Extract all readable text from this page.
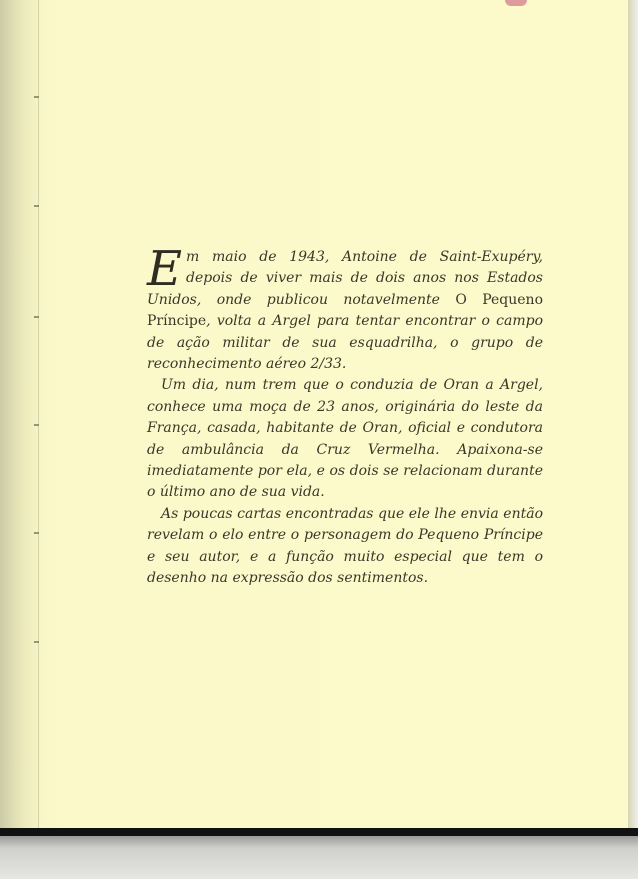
Em maio de 1943, Antoine de Saint-Exupéry, depois de viver mais de dois anos nos Estados Unidos, onde publicou notavelmente O Pequeno Príncipe, volta a Argel para tentar encontrar o campo de ação militar de sua esquadrilha, o grupo de reconhecimento aéreo 2/33.

Um dia, num trem que o conduzia de Oran a Argel, conhece uma moça de 23 anos, originária do leste da França, casada, habitante de Oran, oficial e condutora de ambulância da Cruz Vermelha. Apaixona-se imediatamente por ela, e os dois se relacionam durante o último ano de sua vida.

As poucas cartas encontradas que ele lhe envia então revelam o elo entre o personagem do Pequeno Príncipe e seu autor, e a função muito especial que tem o desenho na expressão dos sentimentos.
